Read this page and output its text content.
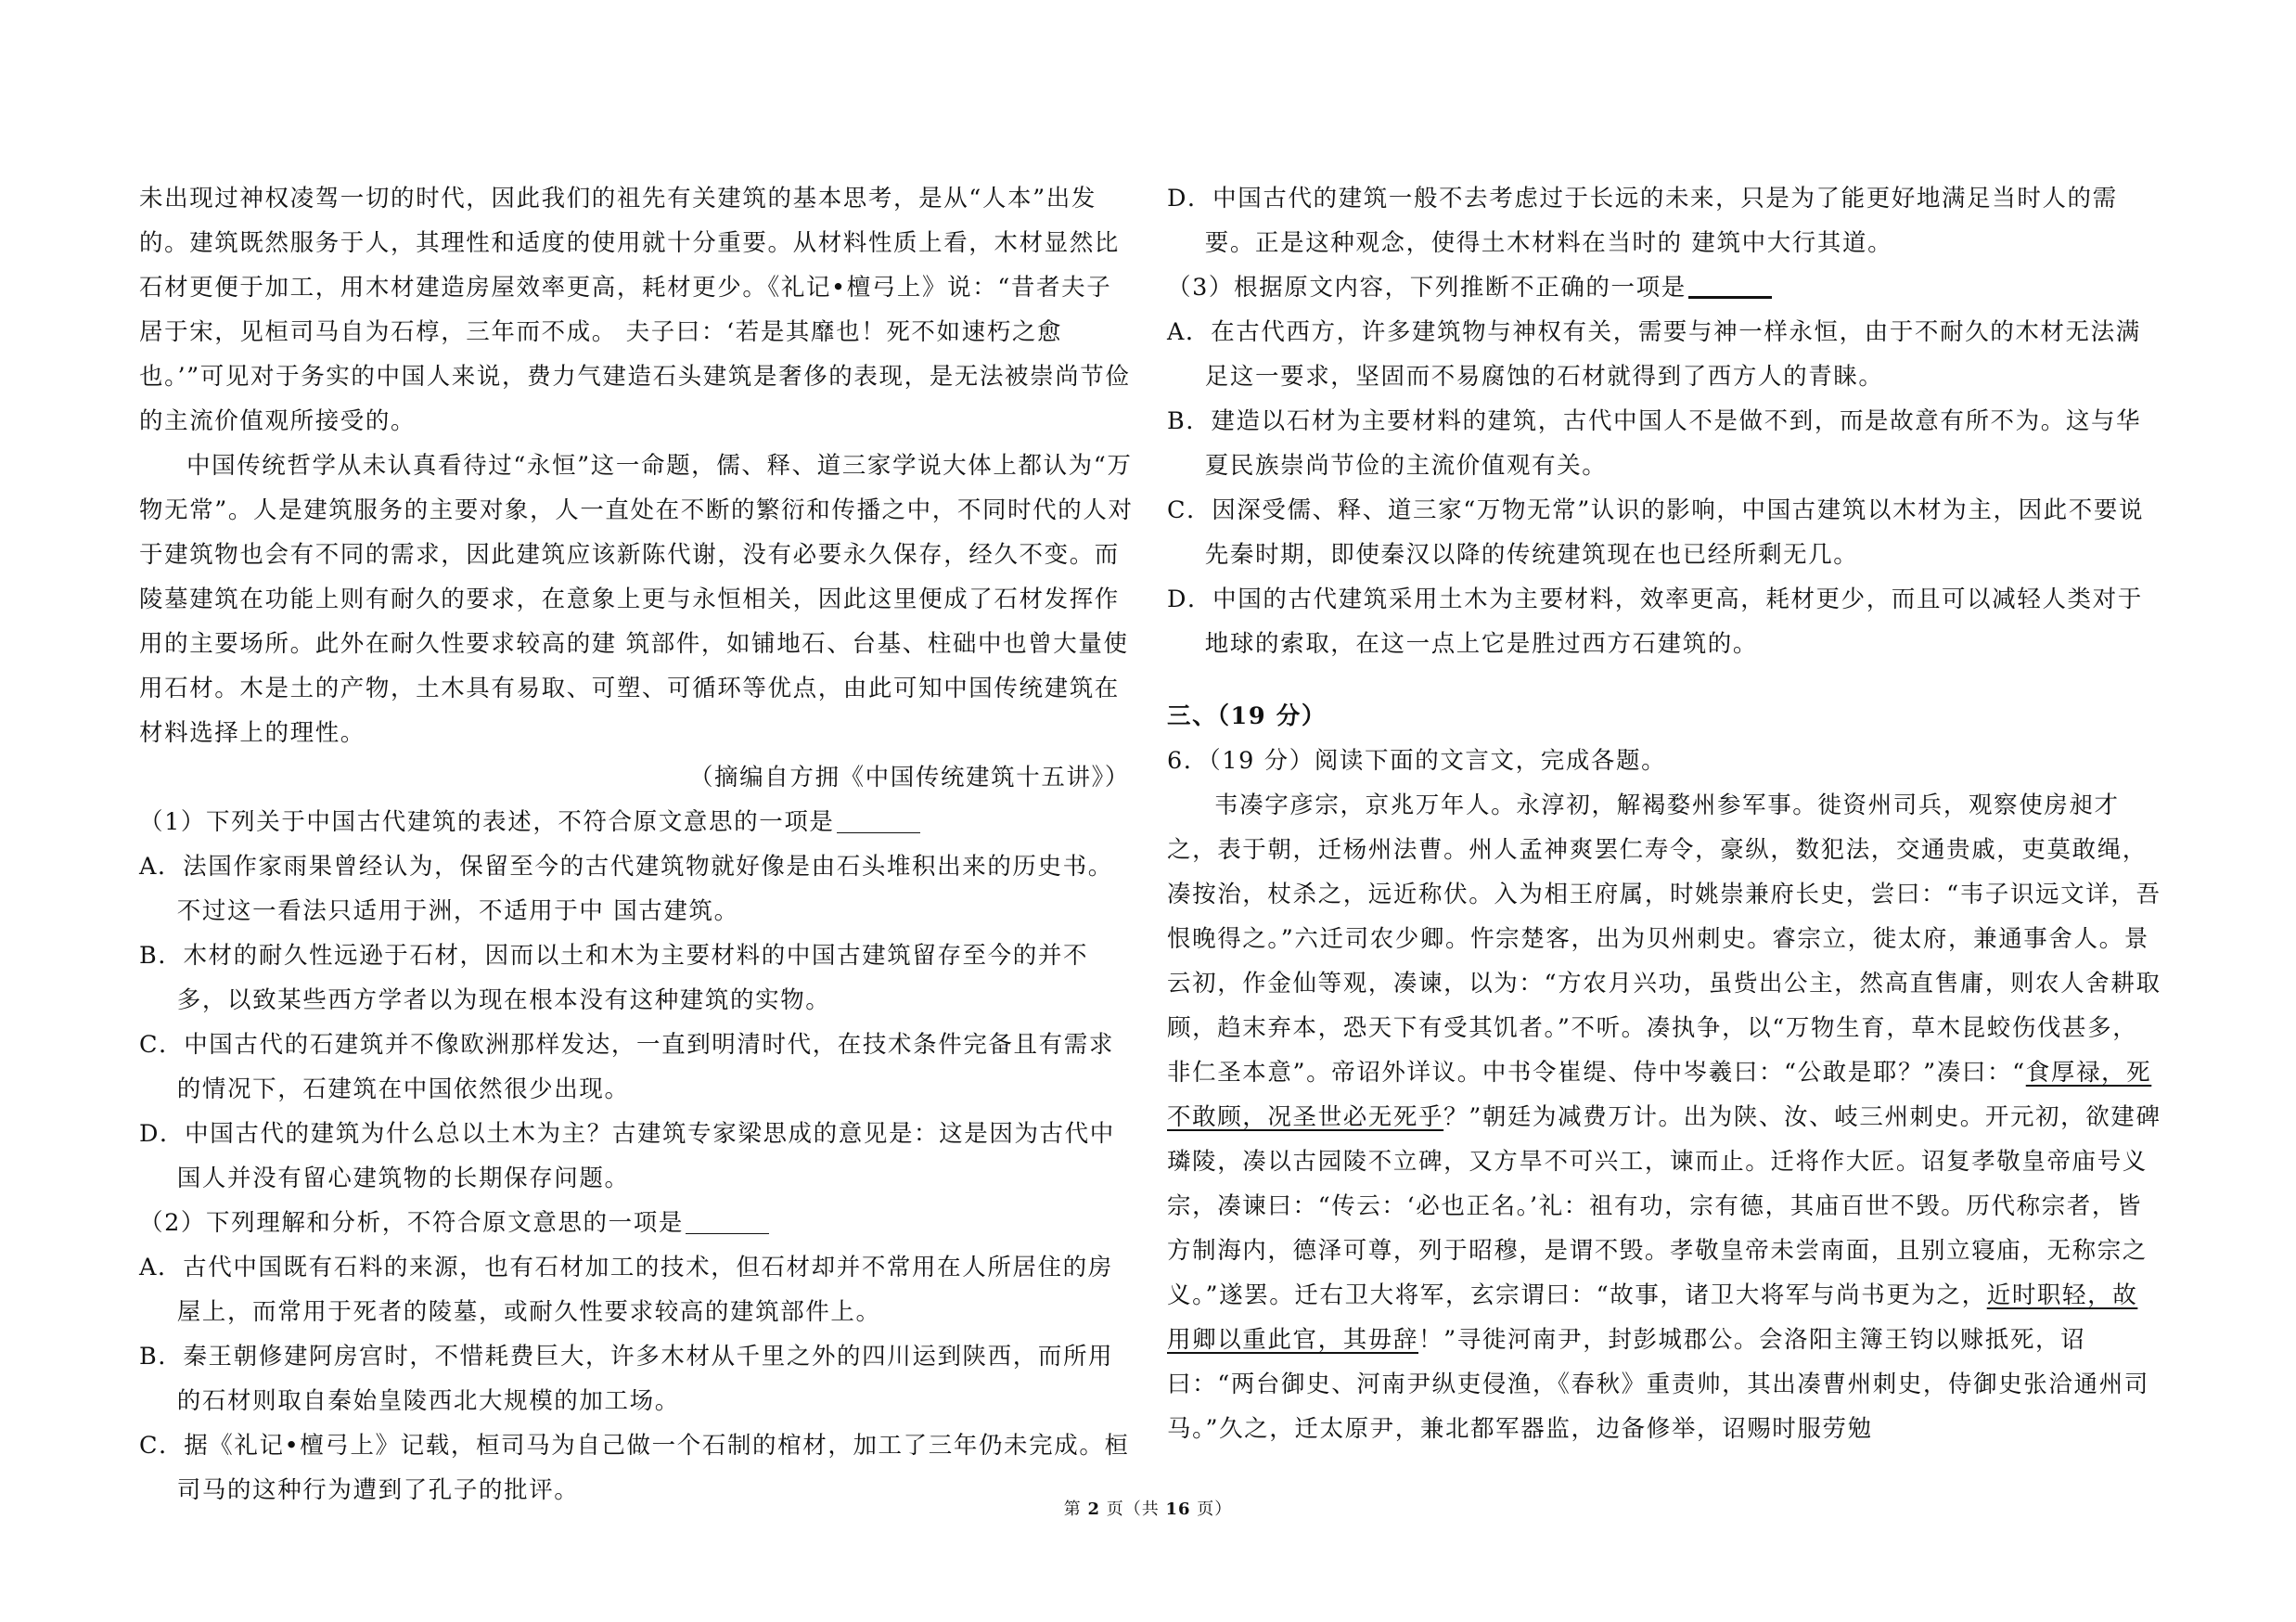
未出现过神权凌驾一切的时代，因此我们的祖先有关建筑的基本思考，是从“人本”出发的。建筑既然服务于人，其理性和适度的使用就十分重要。从材料性质上看，木材显然比石材更便于加工，用木材建造房屋效率更高，耗材更少。《礼记•檀弓上》说：“昔者夫子居于宋，见桓司马自为石椁，三年而不成。 夫子曰：‘若是其靡也！死不如速朽之愈也。’”可见对于务实的中国人来说，费力气建造石头建筑是奢侈的表现，是无法被崇尚节俭的主流价值观所接受的。

中国传统哲学从未认真看待过“永恒”这一命题，儒、释、道三家学说大体上都认为“万物无常”。人是建筑服务的主要对象，人一直处在不断的繁衍和传播之中，不同时代的人对于建筑物也会有不同的需求，因此建筑应该新陈代谢，没有必要永久保存，经久不变。而陵墓建筑在功能上则有耐久的要求，在意象上更与永恒相关，因此这里便成了石材发挥作用的主要场所。此外在耐久性要求较高的建 筑部件，如铺地石、台基、柱础中也曾大量使用石材。木是土的产物，土木具有易取、可塑、可循环等优点，由此可知中国传统建筑在 材料选择上的理性。

（摘编自方拥《中国传统建筑十五讲》）

（1）下列关于中国古代建筑的表述，不符合原文意思的一项是

A．法国作家雨果曾经认为，保留至今的古代建筑物就好像是由石头堆积出来的历史书。不过这一看法只适用于洲，不适用于中 国古建筑。

B．木材的耐久性远逊于石材，因而以土和木为主要材料的中国古建筑留存至今的并不多，以致某些西方学者以为现在根本没有这种建筑的实物。

C．中国古代的石建筑并不像欧洲那样发达，一直到明清时代，在技术条件完备且有需求的情况下，石建筑在中国依然很少出现。

D．中国古代的建筑为什么总以土木为主？古建筑专家梁思成的意见是：这是因为古代中国人并没有留心建筑物的长期保存问题。

（2）下列理解和分析，不符合原文意思的一项是

A．古代中国既有石料的来源，也有石材加工的技术，但石材却并不常用在人所居住的房屋上，而常用于死者的陵墓，或耐久性要求较高的建筑部件上。

B．秦王朝修建阿房宫时，不惜耗费巨大，许多木材从千里之外的四川运到陕西，而所用的石材则取自秦始皇陵西北大规模的加工场。

C．据《礼记•檀弓上》记载，桓司马为自己做一个石制的棺材，加工了三年仍未完成。桓司马的这种行为遭到了孔子的批评。

D．中国古代的建筑一般不去考虑过于长远的未来，只是为了能更好地满足当时人的需要。正是这种观念，使得土木材料在当时的 建筑中大行其道。

（3）根据原文内容，下列推断不正确的一项是

A．在古代西方，许多建筑物与神权有关，需要与神一样永恒，由于不耐久的木材无法满足这一要求，坚固而不易腐蚀的石材就得到了西方人的青睐。

B．建造以石材为主要材料的建筑，古代中国人不是做不到，而是故意有所不为。这与华夏民族崇尚节俭的主流价值观有关。

C．因深受儒、释、道三家“万物无常”认识的影响，中国古建筑以木材为主，因此不要说先秦时期，即使秦汉以降的传统建筑现在也已经所剩无几。

D．中国的古代建筑采用土木为主要材料，效率更高，耗材更少，而且可以减轻人类对于地球的索取，在这一点上它是胜过西方石建筑的。

三、（19 分）

6．（19 分）阅读下面的文言文，完成各题。

韦凑字彦宗，京兆万年人。永淳初，解褐婺州参军事。徙资州司兵，观察使房昶才之，表于朝，迁杨州法曹。州人孟神爽罢仁寿令，豪纵，数犯法，交通贵戚，吏莫敢绳，凑按治，杖杀之，远近称伏。入为相王府属，时姚崇兼府长史，尝曰：“韦子识远文详，吾恨晚得之。”六迁司农少卿。忤宗楚客，出为贝州刺史。睿宗立，徙太府，兼通事舍人。景云初，作金仙等观，凑谏，以为：“方农月兴功，虽赀出公主，然高直售庸，则农人舍耕取顾，趋末弃本，恐天下有受其饥者。”不听。凑执争，以“万物生育，草木昆蛟伤伐甚多，非仁圣本意”。帝诏外详议。中书令崔缇、侍中岑羲曰：“公敢是耶？”凑曰：“食厚禄，死不敢顾，况圣世必无死乎？”朝廷为减费万计。出为陕、汝、岐三州刺史。开元初，欲建碑璘陵，凑以古园陵不立碑，又方旱不可兴工，谏而止。迁将作大匠。诏复孝敬皇帝庙号义宗，凑谏曰：“传云：‘必也正名。’礼：祖有功，宗有德，其庙百世不毁。历代称宗者，皆方制海内，德泽可尊，列于昭穆，是谓不毁。孝敬皇帝未尝南面，且别立寝庙，无称宗之义。”遂罢。迁右卫大将军，玄宗谓曰：“故事，诸卫大将军与尚书更为之，近时职轻，故用卿以重此官，其毋辞！”寻徙河南尹，封彭城郡公。会洛阳主簿王钧以赇抵死，诏曰：“两台御史、河南尹纵吏侵渔，《春秋》重责帅，其出凑曹州刺史，侍御史张洽通州司马。”久之，迁太原尹，兼北都军器监，边备修举，诏赐时服劳勉

第 2 页（共 16 页）
